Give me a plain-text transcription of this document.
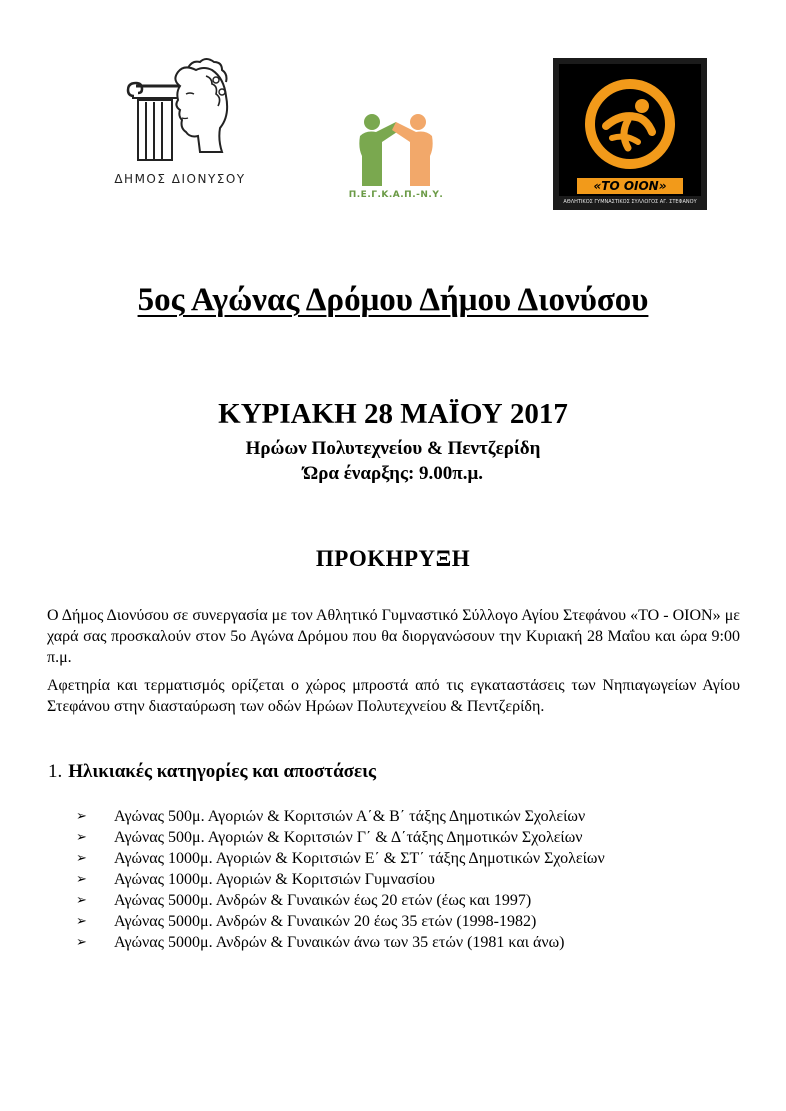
ΔΗΜΟΣ ΔΙΟΝΥΣΟΥ
Π.Ε.Γ.Κ.Α.Π.-Ν.Υ.
«ΤΟ ΟΙΟΝ»
ΑΘΛΗΤΙΚΟΣ ΓΥΜΝΑΣΤΙΚΟΣ ΣΥΛΛΟΓΟΣ ΑΓ. ΣΤΕΦΑΝΟΥ
5ος Αγώνας Δρόμου Δήμου Διονύσου
ΚΥΡΙΑΚΗ 28 ΜΑΪΟΥ 2017
Ηρώων Πολυτεχνείου & Πεντζερίδη
Ώρα έναρξης: 9.00π.μ.
ΠΡΟΚΗΡΥΞΗ

Ο Δήμος Διονύσου σε συνεργασία με τον Αθλητικό Γυμναστικό Σύλλογο Αγίου Στεφάνου «ΤΟ - ΟΙΟΝ» με χαρά σας προσκαλούν στον 5ο Αγώνα Δρόμου που θα διοργανώσουν την Κυριακή 28 Μαΐου και ώρα 9:00 π.μ.

Αφετηρία και τερματισμός ορίζεται ο χώρος μπροστά από τις εγκαταστάσεις των Νηπιαγωγείων Αγίου Στεφάνου στην διασταύρωση των οδών Ηρώων Πολυτεχνείου & Πεντζερίδη.

1. Ηλικιακές κατηγορίες και αποστάσεις
➢ Αγώνας 500μ. Αγοριών & Κοριτσιών Α΄& Β΄ τάξης Δημοτικών Σχολείων
➢ Αγώνας 500μ. Αγοριών & Κοριτσιών Γ΄ & Δ΄τάξης Δημοτικών Σχολείων
➢ Αγώνας 1000μ. Αγοριών & Κοριτσιών Ε΄ & ΣΤ΄ τάξης Δημοτικών Σχολείων
➢ Αγώνας 1000μ. Αγοριών & Κοριτσιών Γυμνασίου
➢ Αγώνας 5000μ. Ανδρών & Γυναικών έως 20 ετών (έως και 1997)
➢ Αγώνας 5000μ. Ανδρών & Γυναικών 20 έως 35 ετών (1998-1982)
➢ Αγώνας 5000μ. Ανδρών & Γυναικών άνω των 35 ετών (1981 και άνω)
